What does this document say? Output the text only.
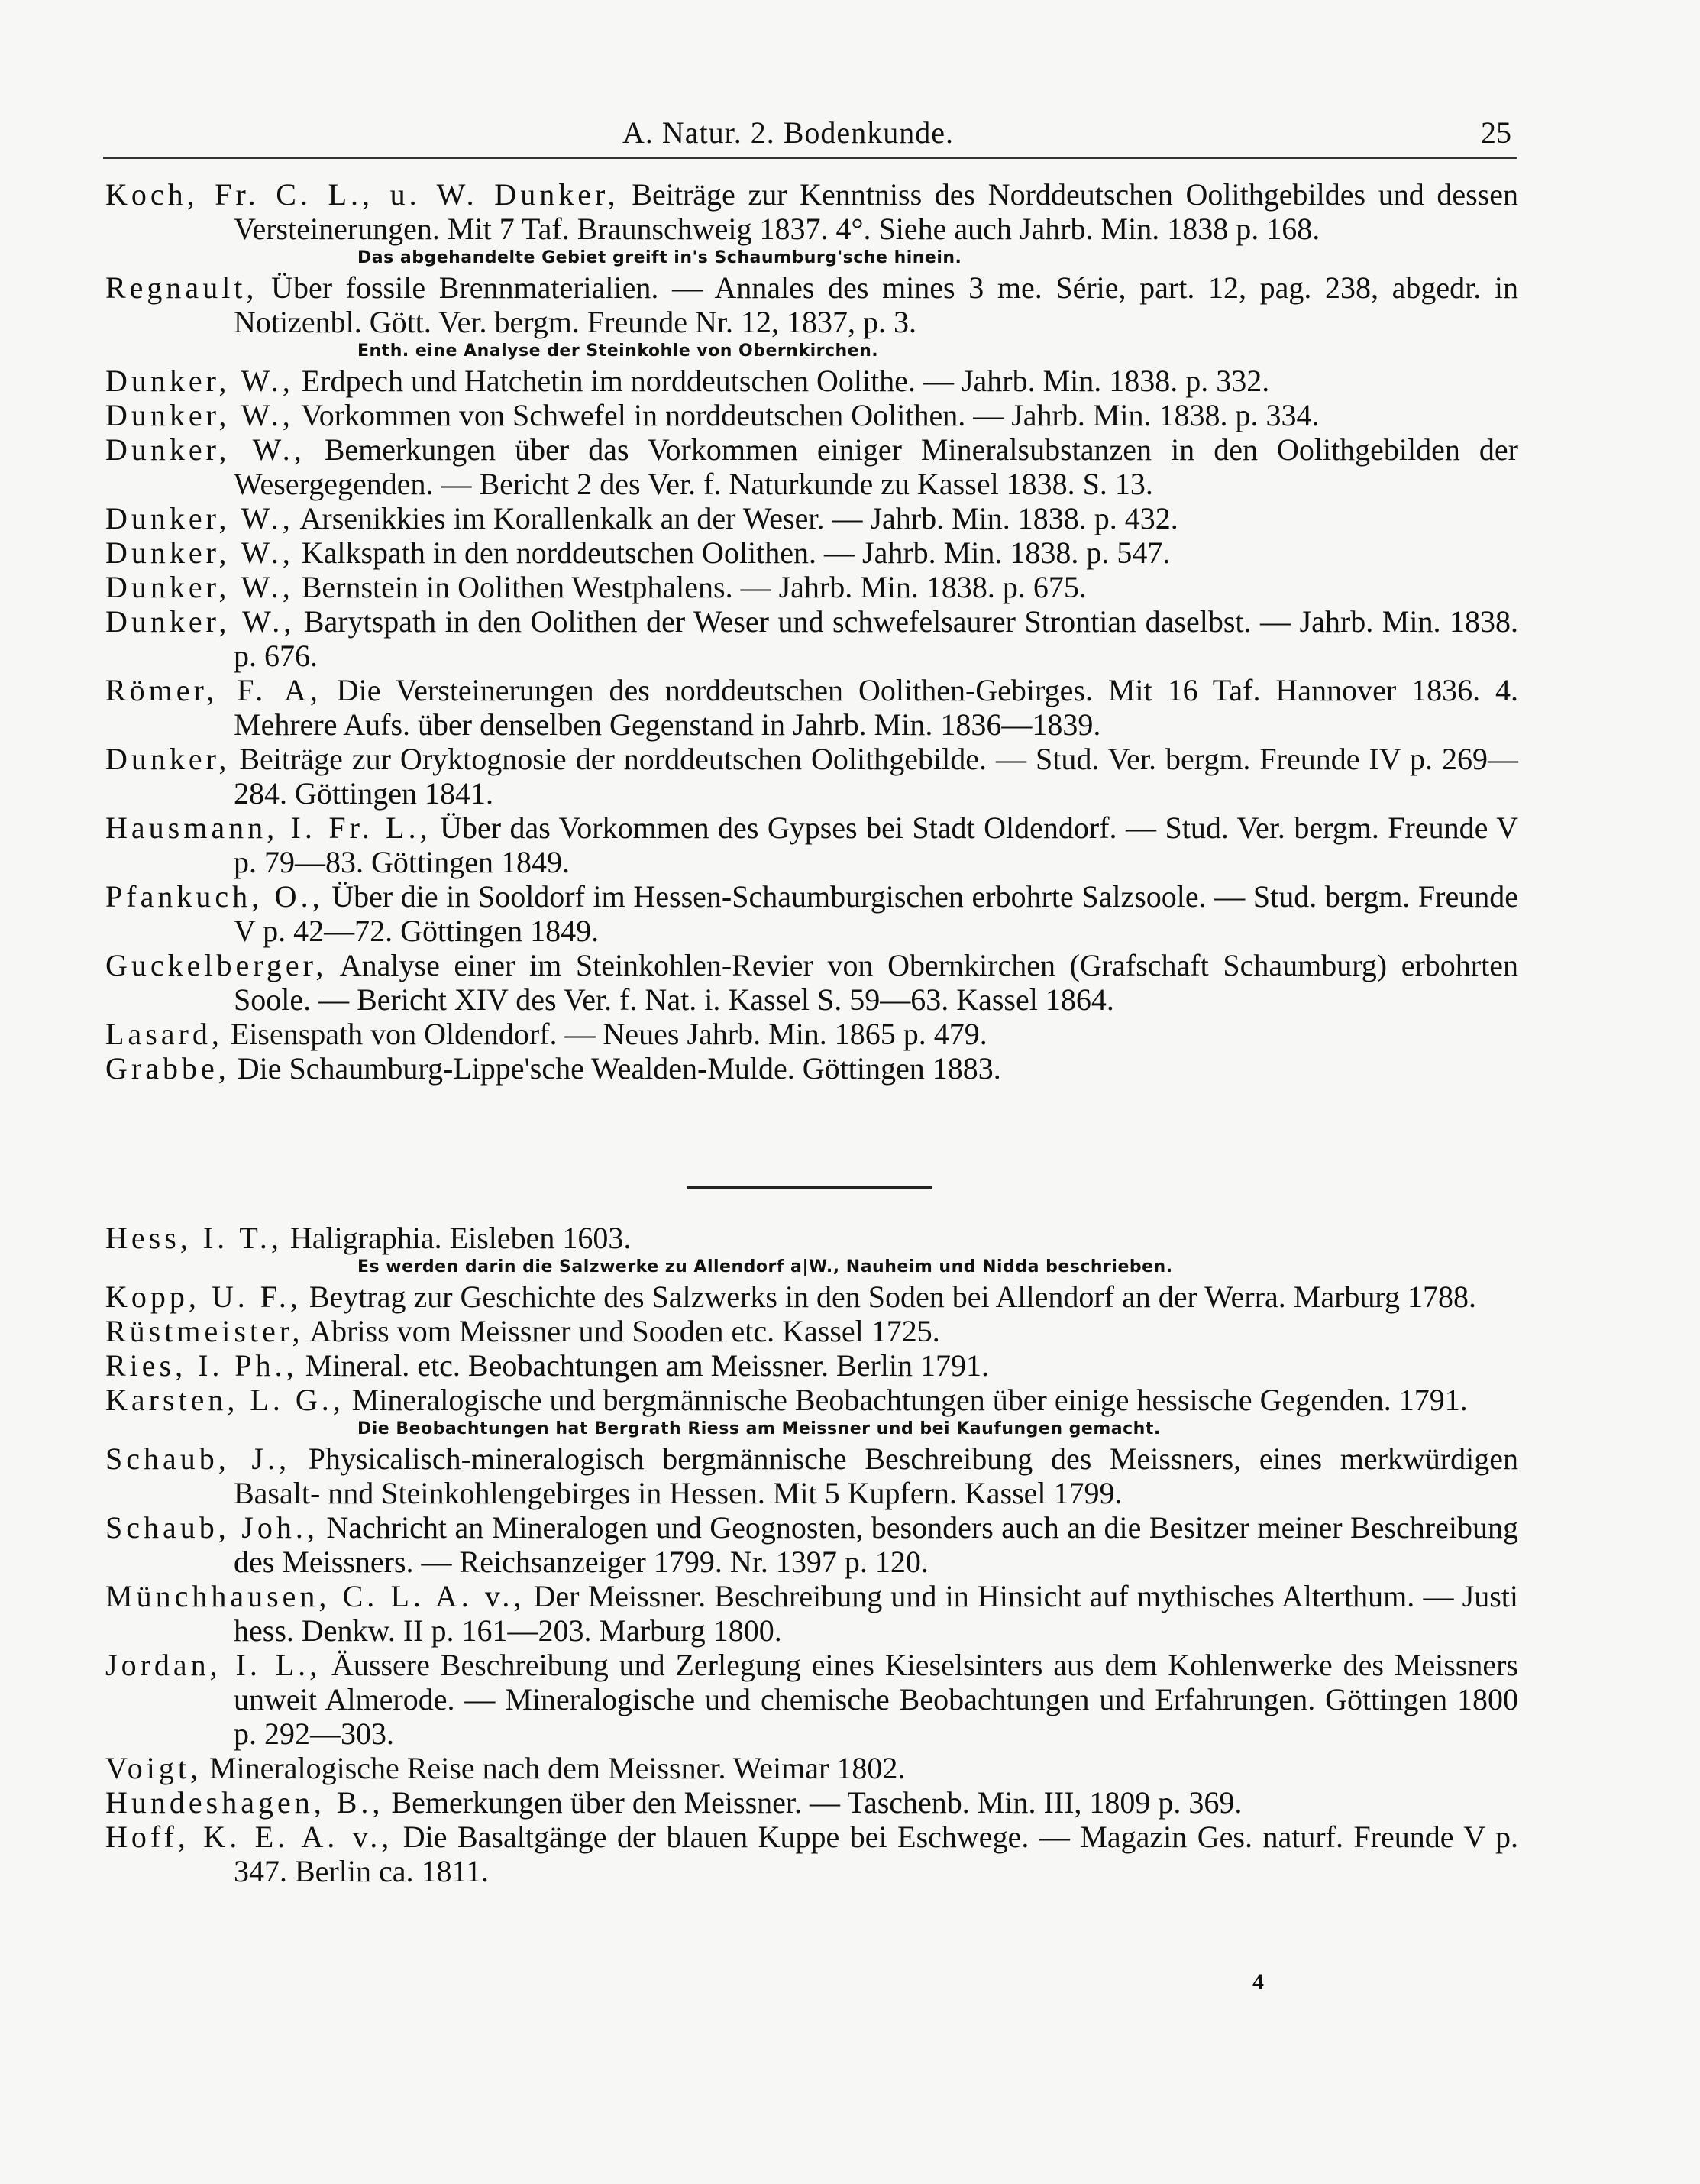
A. Natur. 2. Bodenkunde.	25

Koch, Fr. C. L., u. W. Dunker, Beiträge zur Kenntniss des Norddeutschen Oolithgebildes und dessen Versteinerungen. Mit 7 Taf. Braunschweig 1837. 4°. Siehe auch Jahrb. Min. 1838 p. 168.

Das abgehandelte Gebiet greift in's Schaumburg'sche hinein.

Regnault, Über fossile Brennmaterialien. — Annales des mines 3 me. Série, part. 12, pag. 238, abgedr. in Notizenbl. Gött. Ver. bergm. Freunde Nr. 12, 1837, p. 3.

Enth. eine Analyse der Steinkohle von Obernkirchen.

Dunker, W., Erdpech und Hatchetin im norddeutschen Oolithe. — Jahrb. Min. 1838. p. 332.

Dunker, W., Vorkommen von Schwefel in norddeutschen Oolithen. — Jahrb. Min. 1838. p. 334.

Dunker, W., Bemerkungen über das Vorkommen einiger Mineralsubstanzen in den Oolithgebilden der Wesergegenden. — Bericht 2 des Ver. f. Naturkunde zu Kassel 1838. S. 13.

Dunker, W., Arsenikkies im Korallenkalk an der Weser. — Jahrb. Min. 1838. p. 432.

Dunker, W., Kalkspath in den norddeutschen Oolithen. — Jahrb. Min. 1838. p. 547.

Dunker, W., Bernstein in Oolithen Westphalens. — Jahrb. Min. 1838. p. 675.

Dunker, W., Barytspath in den Oolithen der Weser und schwefelsaurer Strontian daselbst. — Jahrb. Min. 1838. p. 676.

Römer, F. A, Die Versteinerungen des norddeutschen Oolithen-Gebirges. Mit 16 Taf. Hannover 1836. 4. Mehrere Aufs. über denselben Gegenstand in Jahrb. Min. 1836—1839.

Dunker, Beiträge zur Oryktognosie der norddeutschen Oolithgebilde. — Stud. Ver. bergm. Freunde IV p. 269—284. Göttingen 1841.

Hausmann, I. Fr. L., Über das Vorkommen des Gypses bei Stadt Oldendorf. — Stud. Ver. bergm. Freunde V p. 79—83. Göttingen 1849.

Pfankuch, O., Über die in Sooldorf im Hessen-Schaumburgischen erbohrte Salzsoole. — Stud. bergm. Freunde V p. 42—72. Göttingen 1849.

Guckelberger, Analyse einer im Steinkohlen-Revier von Obernkirchen (Grafschaft Schaumburg) erbohrten Soole. — Bericht XIV des Ver. f. Nat. i. Kassel S. 59—63. Kassel 1864.

Lasard, Eisenspath von Oldendorf. — Neues Jahrb. Min. 1865 p. 479.

Grabbe, Die Schaumburg-Lippe'sche Wealden-Mulde. Göttingen 1883.

Hess, I. T., Haligraphia. Eisleben 1603.

Es werden darin die Salzwerke zu Allendorf a|W., Nauheim und Nidda beschrieben.

Kopp, U. F., Beytrag zur Geschichte des Salzwerks in den Soden bei Allendorf an der Werra. Marburg 1788.

Rüstmeister, Abriss vom Meissner und Sooden etc. Kassel 1725.

Ries, I. Ph., Mineral. etc. Beobachtungen am Meissner. Berlin 1791.

Karsten, L. G., Mineralogische und bergmännische Beobachtungen über einige hessische Gegenden. 1791.

Die Beobachtungen hat Bergrath Riess am Meissner und bei Kaufungen gemacht.

Schaub, J., Physicalisch-mineralogisch bergmännische Beschreibung des Meissners, eines merkwürdigen Basalt- nnd Steinkohlengebirges in Hessen. Mit 5 Kupfern. Kassel 1799.

Schaub, Joh., Nachricht an Mineralogen und Geognosten, besonders auch an die Besitzer meiner Beschreibung des Meissners. — Reichsanzeiger 1799. Nr. 1397 p. 120.

Münchhausen, C. L. A. v., Der Meissner. Beschreibung und in Hinsicht auf mythisches Alterthum. — Justi hess. Denkw. II p. 161—203. Marburg 1800.

Jordan, I. L., Äussere Beschreibung und Zerlegung eines Kieselsinters aus dem Kohlenwerke des Meissners unweit Almerode. — Mineralogische und chemische Beobachtungen und Erfahrungen. Göttingen 1800 p. 292—303.

Voigt, Mineralogische Reise nach dem Meissner. Weimar 1802.

Hundeshagen, B., Bemerkungen über den Meissner. — Taschenb. Min. III, 1809 p. 369.

Hoff, K. E. A. v., Die Basaltgänge der blauen Kuppe bei Eschwege. — Magazin Ges. naturf. Freunde V p. 347. Berlin ca. 1811.

4
